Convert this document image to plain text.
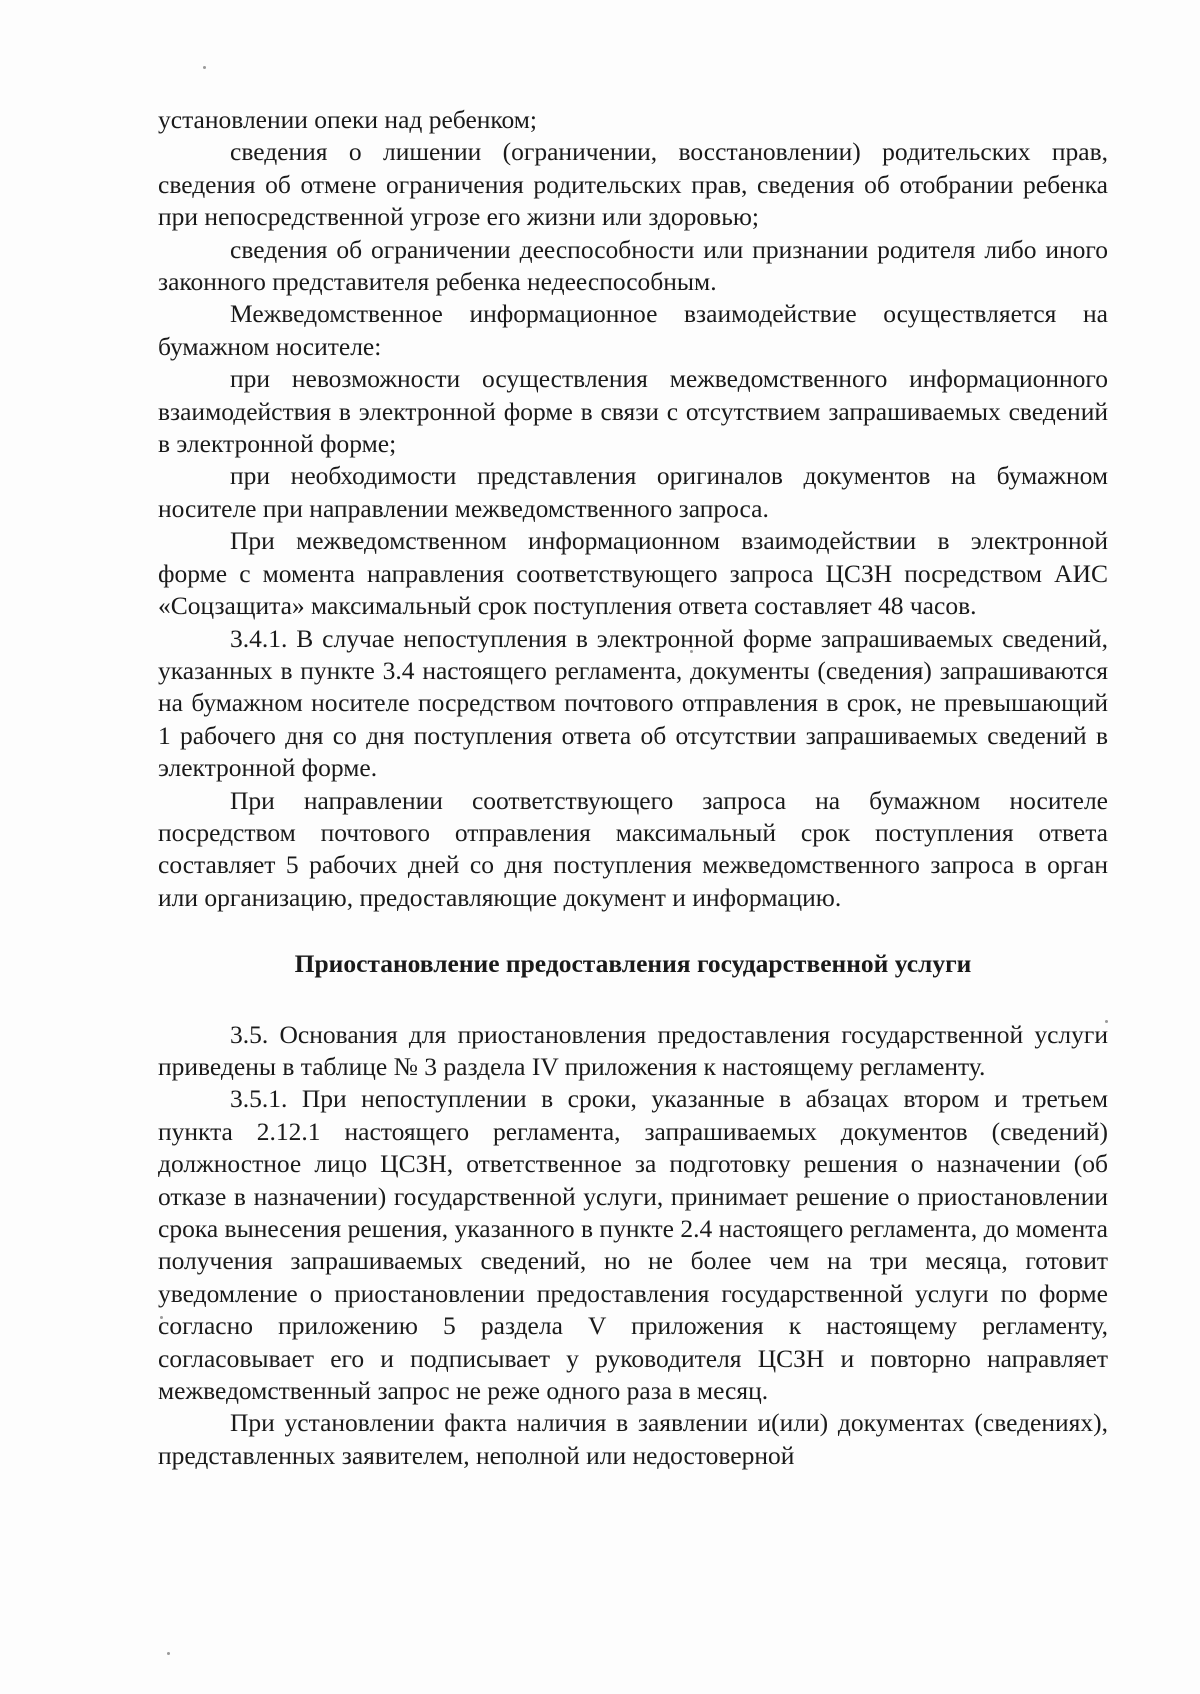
установлении опеки над ребенком;

сведения о лишении (ограничении, восстановлении) родительских прав, сведения об отмене ограничения родительских прав, сведения об отобрании ребенка при непосредственной угрозе его жизни или здоровью;

сведения об ограничении дееспособности или признании родителя либо иного законного представителя ребенка недееспособным.

Межведомственное информационное взаимодействие осуществляется на бумажном носителе:

при невозможности осуществления межведомственного информационного взаимодействия в электронной форме в связи с отсутствием запрашиваемых сведений в электронной форме;

при необходимости представления оригиналов документов на бумажном носителе при направлении межведомственного запроса.

При межведомственном информационном взаимодействии в электронной форме с момента направления соответствующего запроса ЦСЗН посредством АИС «Соцзащита» максимальный срок поступления ответа составляет 48 часов.

3.4.1. В случае непоступления в электронной форме запрашиваемых сведений, указанных в пункте 3.4 настоящего регламента, документы (сведения) запрашиваются на бумажном носителе посредством почтового отправления в срок, не превышающий 1 рабочего дня со дня поступления ответа об отсутствии запрашиваемых сведений в электронной форме.

При направлении соответствующего запроса на бумажном носителе посредством почтового отправления максимальный срок поступления ответа составляет 5 рабочих дней со дня поступления межведомственного запроса в орган или организацию, предоставляющие документ и информацию.

Приостановление предоставления государственной услуги

3.5. Основания для приостановления предоставления государственной услуги приведены в таблице № 3 раздела IV приложения к настоящему регламенту.

3.5.1. При непоступлении в сроки, указанные в абзацах втором и третьем пункта 2.12.1 настоящего регламента, запрашиваемых документов (сведений) должностное лицо ЦСЗН, ответственное за подготовку решения о назначении (об отказе в назначении) государственной услуги, принимает решение о приостановлении срока вынесения решения, указанного в пункте 2.4 настоящего регламента, до момента получения запрашиваемых сведений, но не более чем на три месяца, готовит уведомление о приостановлении предоставления государственной услуги по форме согласно приложению 5 раздела V приложения к настоящему регламенту, согласовывает его и подписывает у руководителя ЦСЗН и повторно направляет межведомственный запрос не реже одного раза в месяц.

При установлении факта наличия в заявлении и(или) документах (сведениях), представленных заявителем, неполной или недостоверной
